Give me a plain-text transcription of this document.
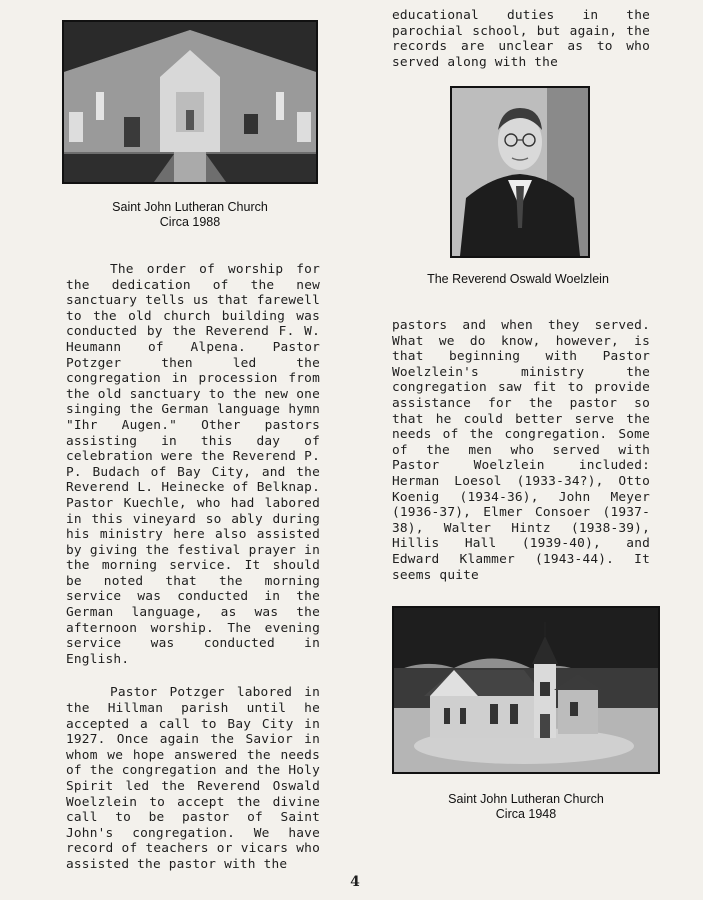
Saint John Lutheran Church
Circa 1988

The order of worship for the dedication of the new sanctuary tells us that farewell to the old church building was conducted by the Reverend F. W. Heumann of Alpena. Pastor Potzger then led the congregation in procession from the old sanctuary to the new one singing the German language hymn "Ihr Augen." Other pastors assisting in this day of celebration were the Reverend P. P. Budach of Bay City, and the Reverend L. Heinecke of Belknap. Pastor Kuechle, who had labored in this vineyard so ably during his ministry here also assisted by giving the festival prayer in the morning service. It should be noted that the morning service was conducted in the German language, as was the afternoon worship. The evening service was conducted in English.

Pastor Potzger labored in the Hillman parish until he accepted a call to Bay City in 1927. Once again the Savior in whom we hope answered the needs of the congregation and the Holy Spirit led the Reverend Oswald Woelzlein to accept the divine call to be pastor of Saint John's congregation. We have record of teachers or vicars who assisted the pastor with the

educational duties in the parochial school, but again, the records are unclear as to who served along with the

The Reverend Oswald Woelzlein

pastors and when they served. What we do know, however, is that beginning with Pastor Woelzlein's ministry the congregation saw fit to provide assistance for the pastor so that he could better serve the needs of the congregation. Some of the men who served with Pastor Woelzlein included: Herman Loesol (1933-34?), Otto Koenig (1934-36), John Meyer (1936-37), Elmer Consoer (1937-38), Walter Hintz (1938-39), Hillis Hall (1939-40), and Edward Klammer (1943-44). It seems quite

Saint John Lutheran Church
Circa 1948
4
